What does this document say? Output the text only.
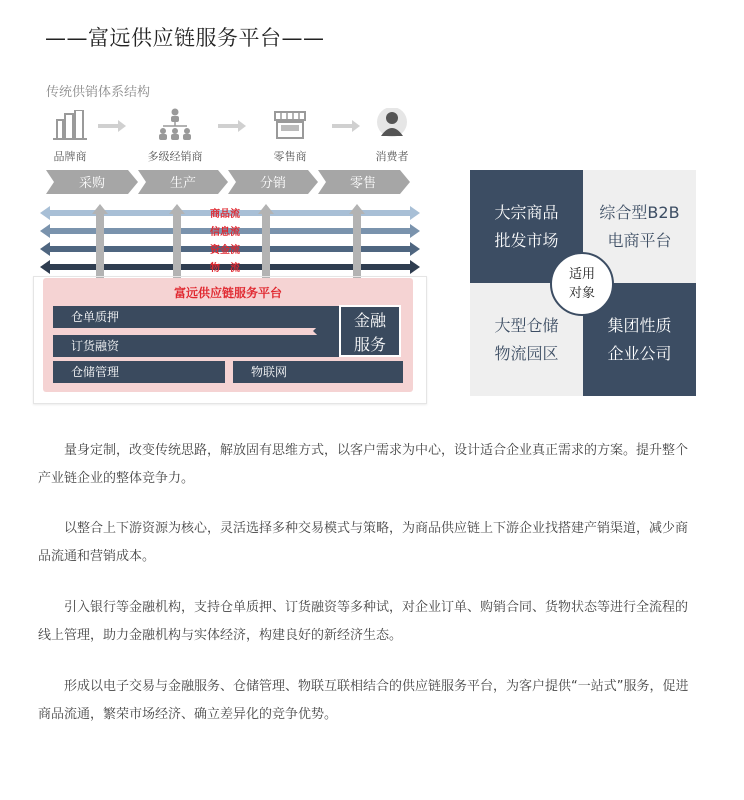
——富远供应链服务平台——
传统供销体系结构
品牌商	多级经销商	零售商	消费者
采购	生产	分销	零售
商品流
信息流
资金流
物　流
富远供应链服务平台
仓单质押
订货融资
金融
服务
仓储管理	物联网
大宗商品
批发市场
综合型B2B
电商平台
大型仓储
物流园区
集团性质
企业公司
适用
对象

量身定制，改变传统思路，解放固有思维方式，以客户需求为中心，设计适合企业真正需求的方案。提升整个产业链企业的整体竞争力。

以整合上下游资源为核心，灵活选择多种交易模式与策略，为商品供应链上下游企业找搭建产销渠道，减少商品流通和营销成本。

引入银行等金融机构，支持仓单质押、订货融资等多种试，对企业订单、购销合同、货物状态等进行全流程的线上管理，助力金融机构与实体经济，构建良好的新经济生态。

形成以电子交易与金融服务、仓储管理、物联互联相结合的供应链服务平台，为客户提供“一站式”服务，促进商品流通，繁荣市场经济、确立差异化的竞争优势。
